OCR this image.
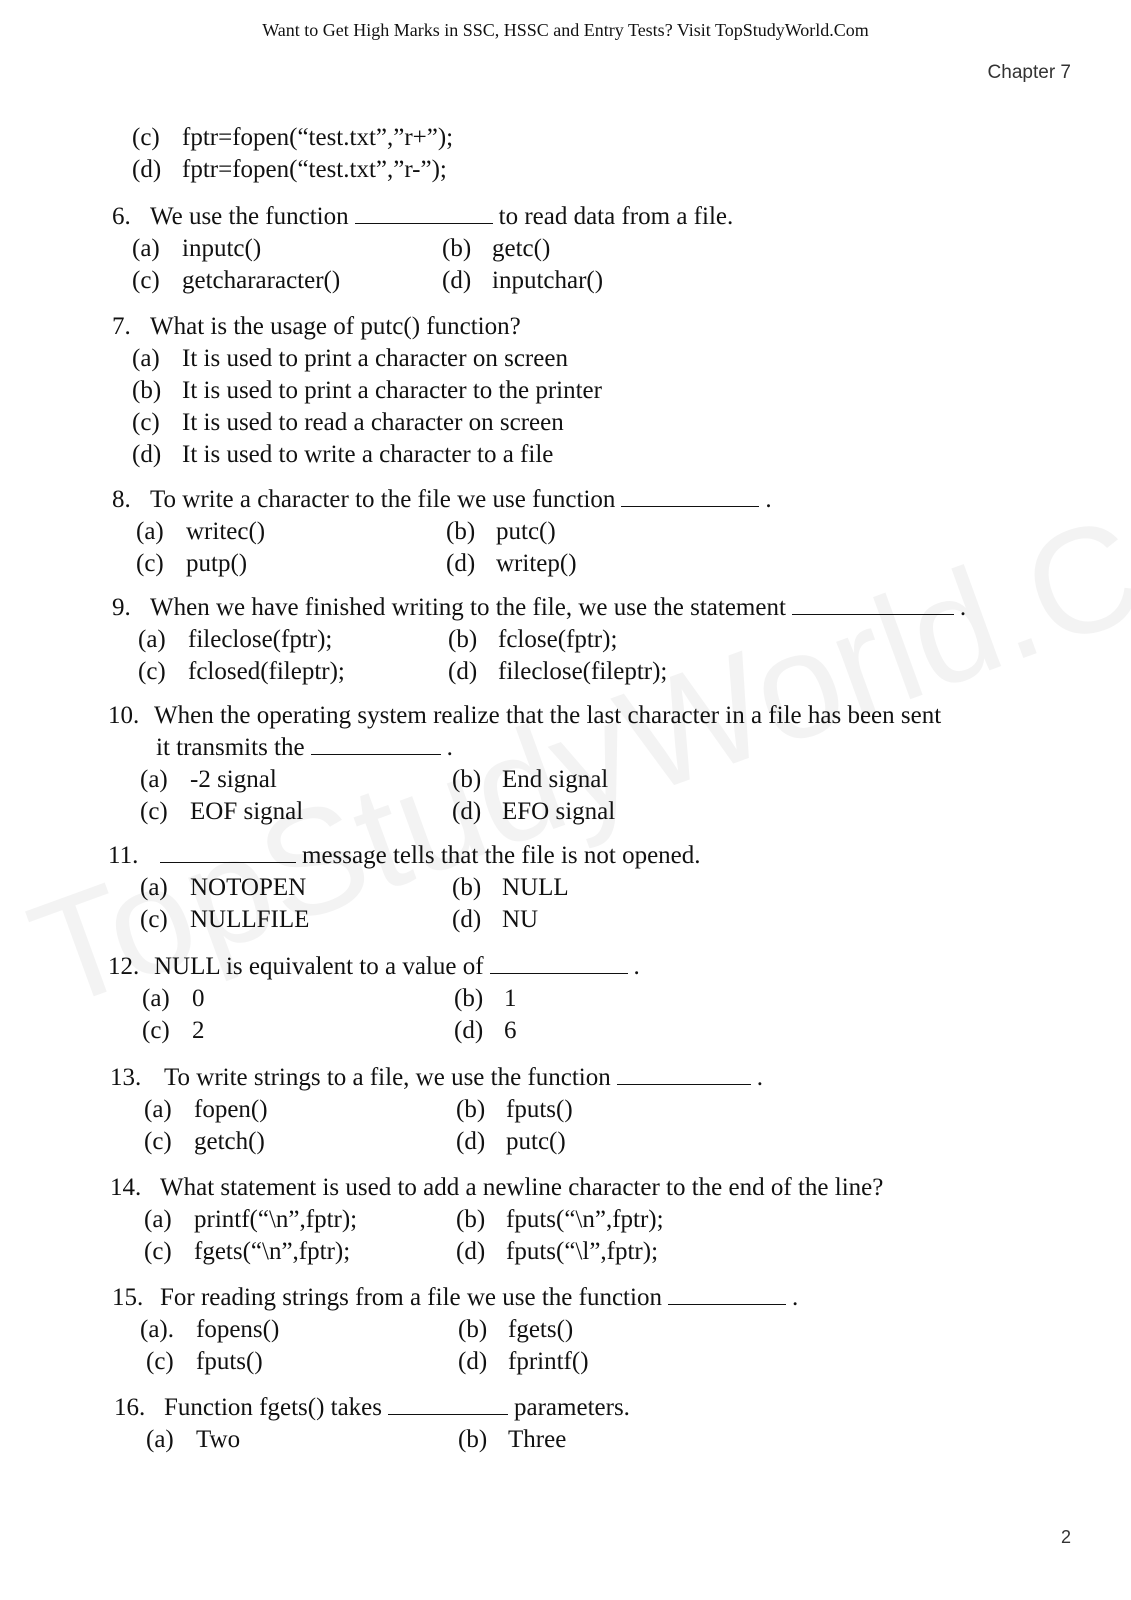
Want to Get High Marks in SSC, HSSC and Entry Tests? Visit TopStudyWorld.Com
Chapter 7
(c) fptr=fopen(“test.txt”,”r+”);
(d) fptr=fopen(“test.txt”,”r-”);
6. We use the function	to read data from a file.
(a) inputc()	(b) getc()
(c) getchararacter()	(d) inputchar()
7. What is the usage of putc() function?
(a) It is used to print a character on screen
(b) It is used to print a character to the printer
(c) It is used to read a character on screen
(d) It is used to write a character to a file
8. To write a character to the file we use function	.
(a) writec()	(b) putc()
(c) putp()	(d) writep()
9. When we have finished writing to the file, we use the statement	.
(a) fileclose(fptr);	(b) fclose(fptr);
(c) fclosed(fileptr);	(d) fileclose(fileptr);
10. When the operating system realize that the last character in a file has been sent
it transmits the	.
(a) -2 signal	(b) End signal
(c) EOF signal	(d) EFO signal
11.	message tells that the file is not opened.
(a) NOTOPEN	(b) NULL
(c) NULLFILE	(d) NU
12. NULL is equivalent to a value of	.
(a) 0	(b) 1
(c) 2	(d) 6
13. To write strings to a file, we use the function	.
(a) fopen()	(b) fputs()
(c) getch()	(d) putc()
14. What statement is used to add a newline character to the end of the line?
(a) printf(“\n”,fptr);	(b) fputs(“\n”,fptr);
(c) fgets(“\n”,fptr);	(d) fputs(“\l”,fptr);
15. For reading strings from a file we use the function	.
(a). fopens()	(b) fgets()
(c) fputs()	(d) fprintf()
16. Function fgets() takes	parameters.
(a) Two	(b) Three
2
